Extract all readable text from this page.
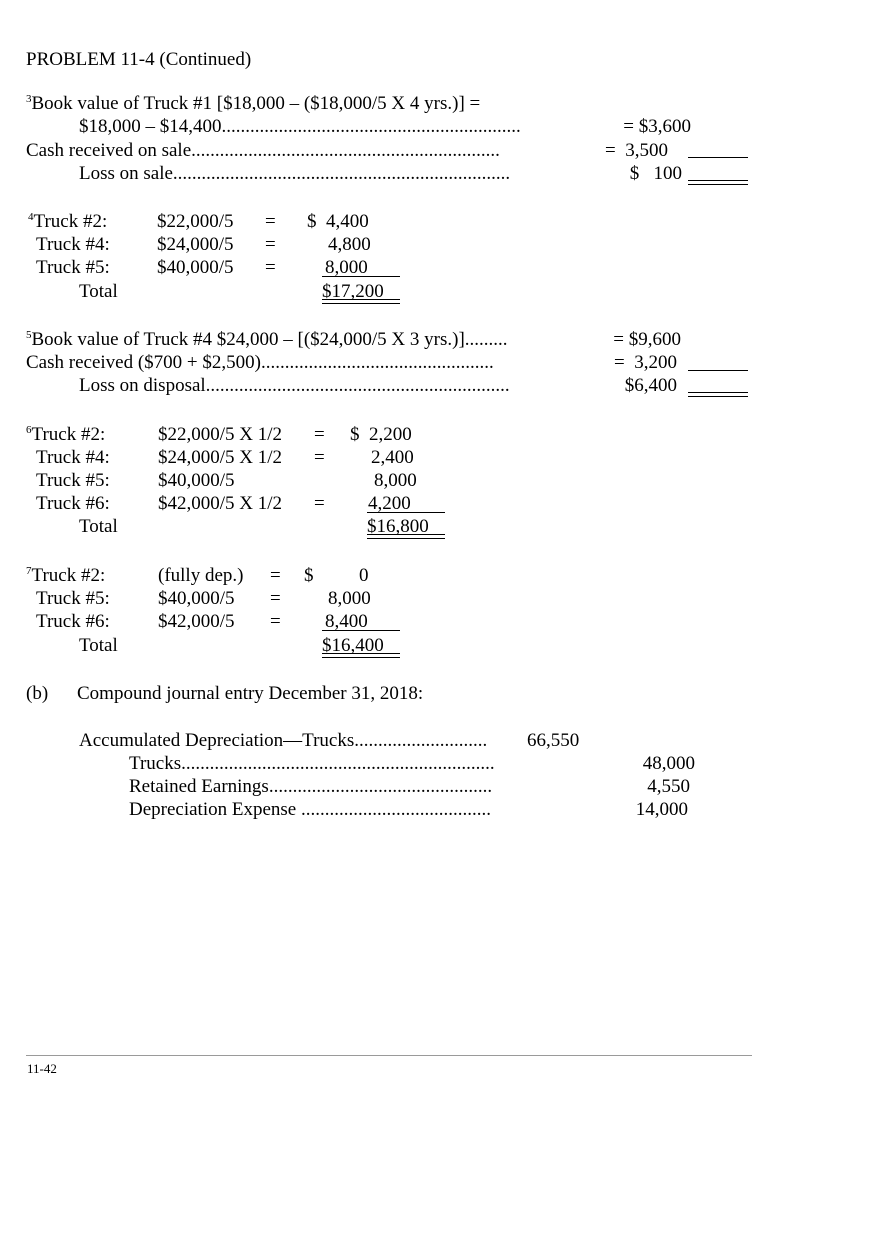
PROBLEM 11-4 (Continued)
$^3$Book value of Truck #1 [$18,000 – ($18,000/5 X 4 yrs.)] =
$18,000 – $14,400...............................................................	= $3,600
Cash received on sale.................................................................	=  3,500
Loss on sale.......................................................................	$   100
$^4$Truck #2:	$22,000/5 = $  4,400
Truck #4: $24,000/5 =	4,800
Truck #5: $40,000/5 =	8,000
Total	$17,200
$^5$Book value of Truck #4 $24,000 – [($24,000/5 X 3 yrs.)].........	= $9,600
Cash received ($700 + $2,500).................................................	=  3,200
Loss on disposal................................................................	$6,400
$^6$Truck #2:	$22,000/5 X 1/2 = $  2,200
Truck #4:	$24,000/5 X 1/2 = 2,400
Truck #5:	$40,000/5	8,000
Truck #6:	$42,000/5 X 1/2 = 4,200
Total	$16,800
$^7$Truck #2:	(fully dep.) = $ 0
Truck #5:	$40,000/5 = 8,000
Truck #6:	$42,000/5 = 8,400
Total	$16,400
(b) Compound journal entry December 31, 2018:
Accumulated Depreciation—Trucks............................ 66,550
Trucks..................................................................	48,000
Retained Earnings...............................................	4,550
Depreciation Expense ........................................	14,000
11-42
